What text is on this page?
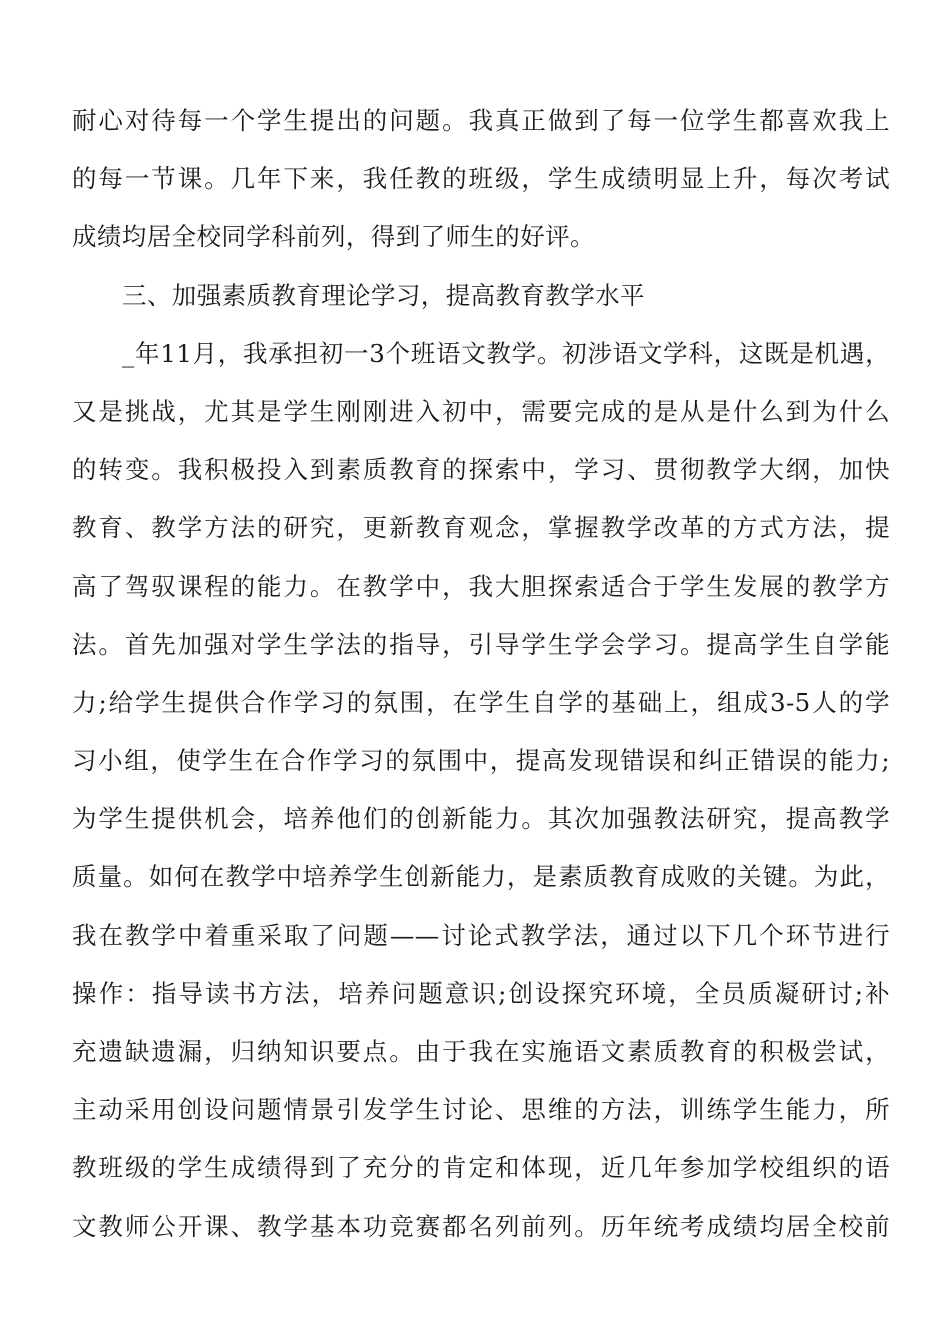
耐心对待每一个学生提出的问题。我真正做到了每一位学生都喜欢我上
的每一节课。几年下来，我任教的班级，学生成绩明显上升，每次考试
成绩均居全校同学科前列，得到了师生的好评。
三、加强素质教育理论学习，提高教育教学水平
_年11月，我承担初一3个班语文教学。初涉语文学科，这既是机遇，
又是挑战，尤其是学生刚刚进入初中，需要完成的是从是什么到为什么
的转变。我积极投入到素质教育的探索中，学习、贯彻教学大纲，加快
教育、教学方法的研究，更新教育观念，掌握教学改革的方式方法，提
高了驾驭课程的能力。在教学中，我大胆探索适合于学生发展的教学方
法。首先加强对学生学法的指导，引导学生学会学习。提高学生自学能
力;给学生提供合作学习的氛围，在学生自学的基础上，组成3-5人的学
习小组，使学生在合作学习的氛围中，提高发现错误和纠正错误的能力;
为学生提供机会，培养他们的创新能力。其次加强教法研究，提高教学
质量。如何在教学中培养学生创新能力，是素质教育成败的关键。为此，
我在教学中着重采取了问题——讨论式教学法，通过以下几个环节进行
操作：指导读书方法，培养问题意识;创设探究环境，全员质凝研讨;补
充遗缺遗漏，归纳知识要点。由于我在实施语文素质教育的积极尝试，
主动采用创设问题情景引发学生讨论、思维的方法，训练学生能力，所
教班级的学生成绩得到了充分的肯定和体现，近几年参加学校组织的语
文教师公开课、教学基本功竞赛都名列前列。历年统考成绩均居全校前
